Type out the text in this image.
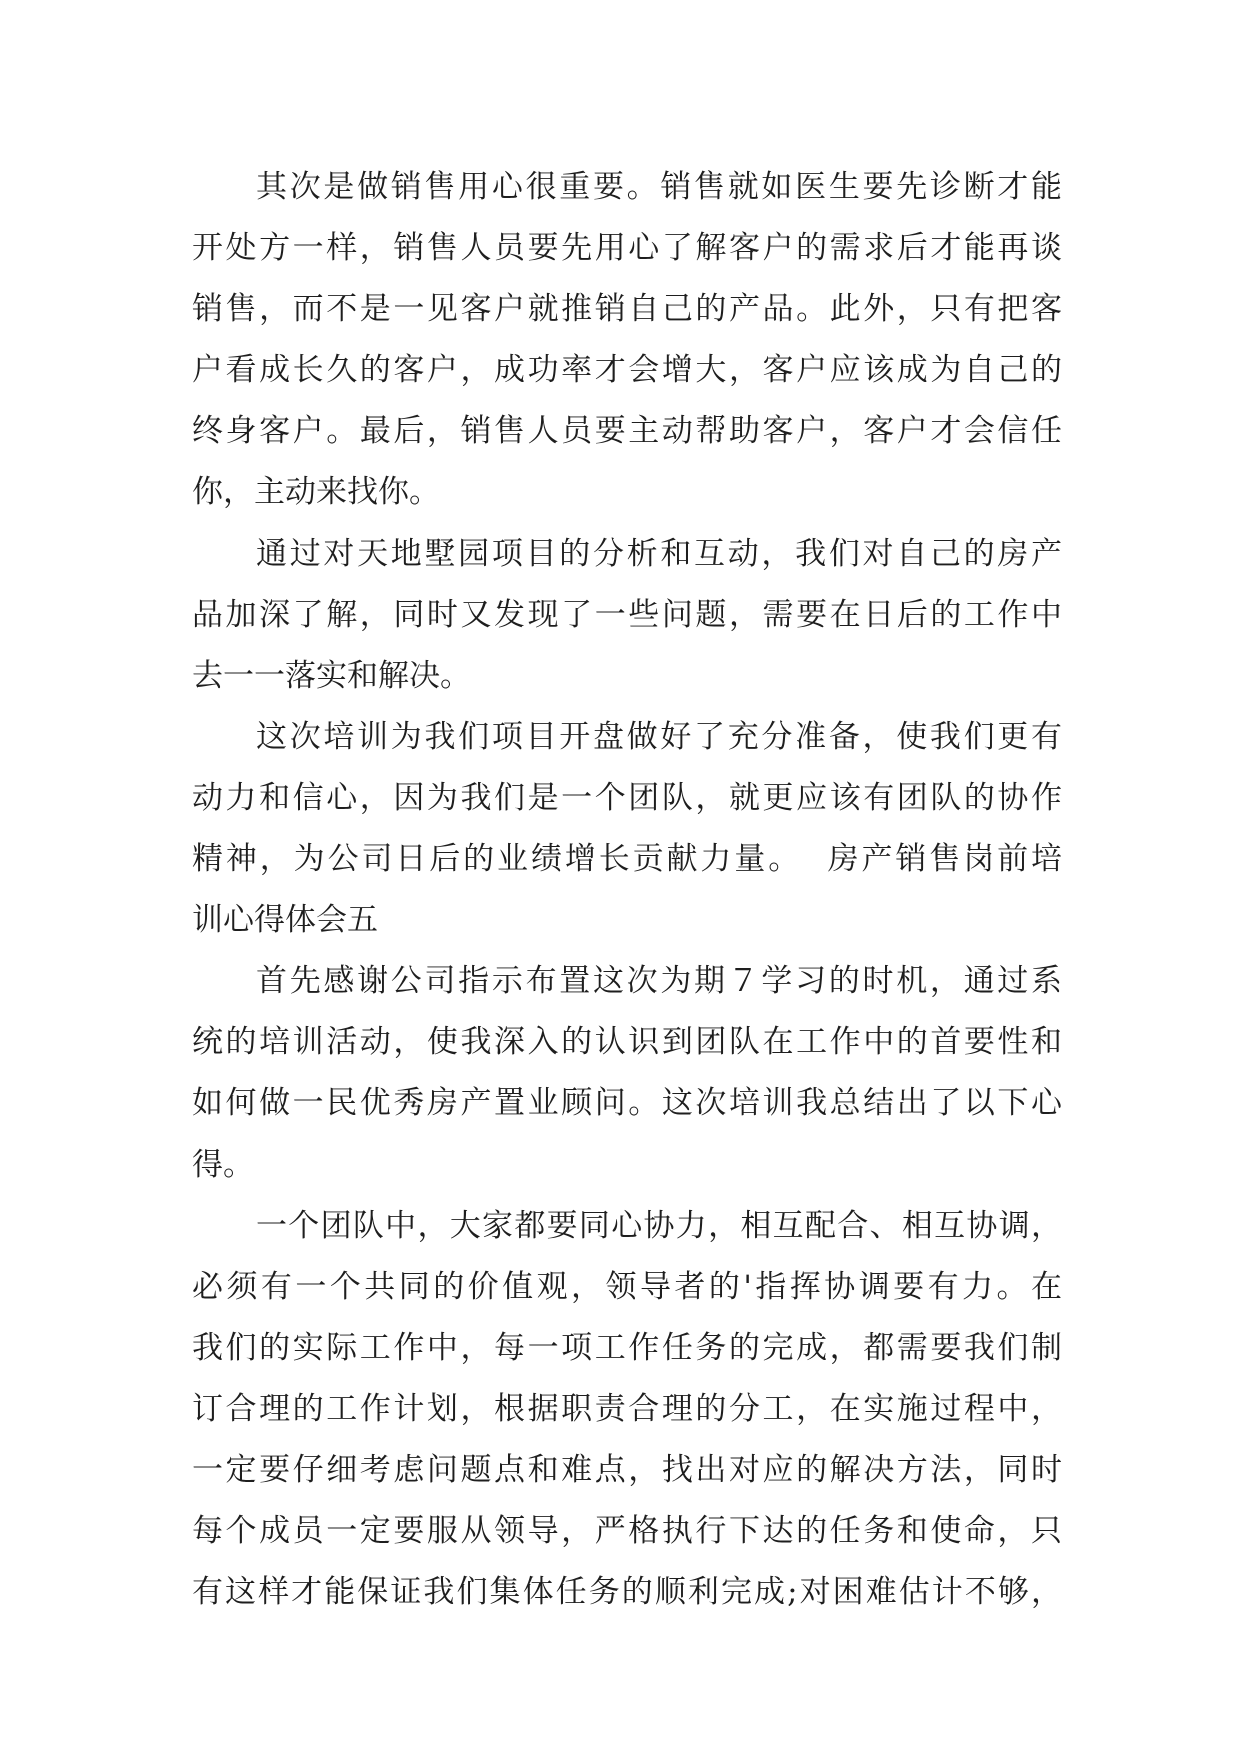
其次是做销售用心很重要。销售就如医生要先诊断才能
开处方一样，销售人员要先用心了解客户的需求后才能再谈
销售，而不是一见客户就推销自己的产品。此外，只有把客
户看成长久的客户，成功率才会增大，客户应该成为自己的
终身客户。最后，销售人员要主动帮助客户，客户才会信任
你，主动来找你。
通过对天地墅园项目的分析和互动，我们对自己的房产
品加深了解，同时又发现了一些问题，需要在日后的工作中
去一一落实和解决。
这次培训为我们项目开盘做好了充分准备，使我们更有
动力和信心，因为我们是一个团队，就更应该有团队的协作
精神，为公司日后的业绩增长贡献力量。  房产销售岗前培
训心得体会五
首先感谢公司指示布置这次为期７学习的时机，通过系
统的培训活动，使我深入的认识到团队在工作中的首要性和
如何做一民优秀房产置业顾问。这次培训我总结出了以下心
得。
一个团队中，大家都要同心协力，相互配合、相互协调，
必须有一个共同的价值观，领导者的'指挥协调要有力。在
我们的实际工作中，每一项工作任务的完成，都需要我们制
订合理的工作计划，根据职责合理的分工，在实施过程中，
一定要仔细考虑问题点和难点，找出对应的解决方法，同时
每个成员一定要服从领导，严格执行下达的任务和使命，只
有这样才能保证我们集体任务的顺利完成;对困难估计不够，
